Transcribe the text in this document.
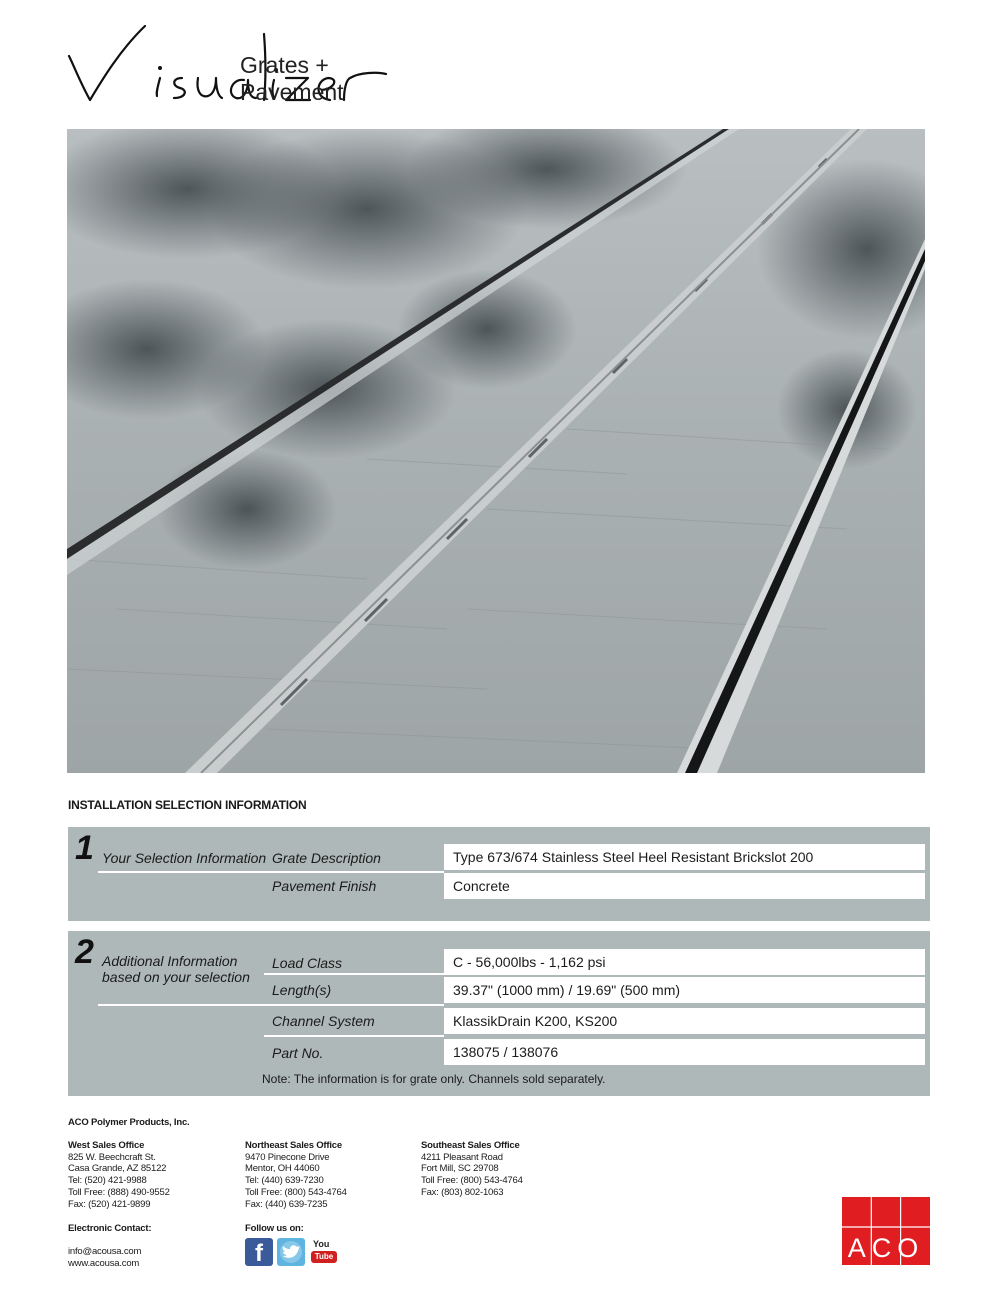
Grates + Pavement
INSTALLATION SELECTION INFORMATION
1 Your Selection Information Grate Description	Type 673/674 Stainless Steel Heel Resistant Brickslot 200
Pavement Finish	Concrete
2 Additional Information
based on your selection
Load Class	C - 56,000lbs - 1,162 psi
Length(s)	39.37" (1000 mm) / 19.69" (500 mm)
Channel System	KlassikDrain K200, KS200
Part No.	138075 / 138076
Note: The information is for grate only. Channels sold separately.
ACO Polymer Products, Inc.
West Sales Office
825 W. Beechcraft St.
Casa Grande, AZ 85122
Tel: (520) 421-9988
Toll Free: (888) 490-9552
Fax: (520) 421-9899
Northeast Sales Office
9470 Pinecone Drive
Mentor, OH 44060
Tel: (440) 639-7230
Toll Free: (800) 543-4764
Fax: (440) 639-7235
Southeast Sales Office
4211 Pleasant Road
Fort Mill, SC 29708
Toll Free: (800) 543-4764
Fax: (803) 802-1063
Electronic Contact:
info@acousa.com
www.acousa.com
Follow us on:
f	You
Tube	ACO
